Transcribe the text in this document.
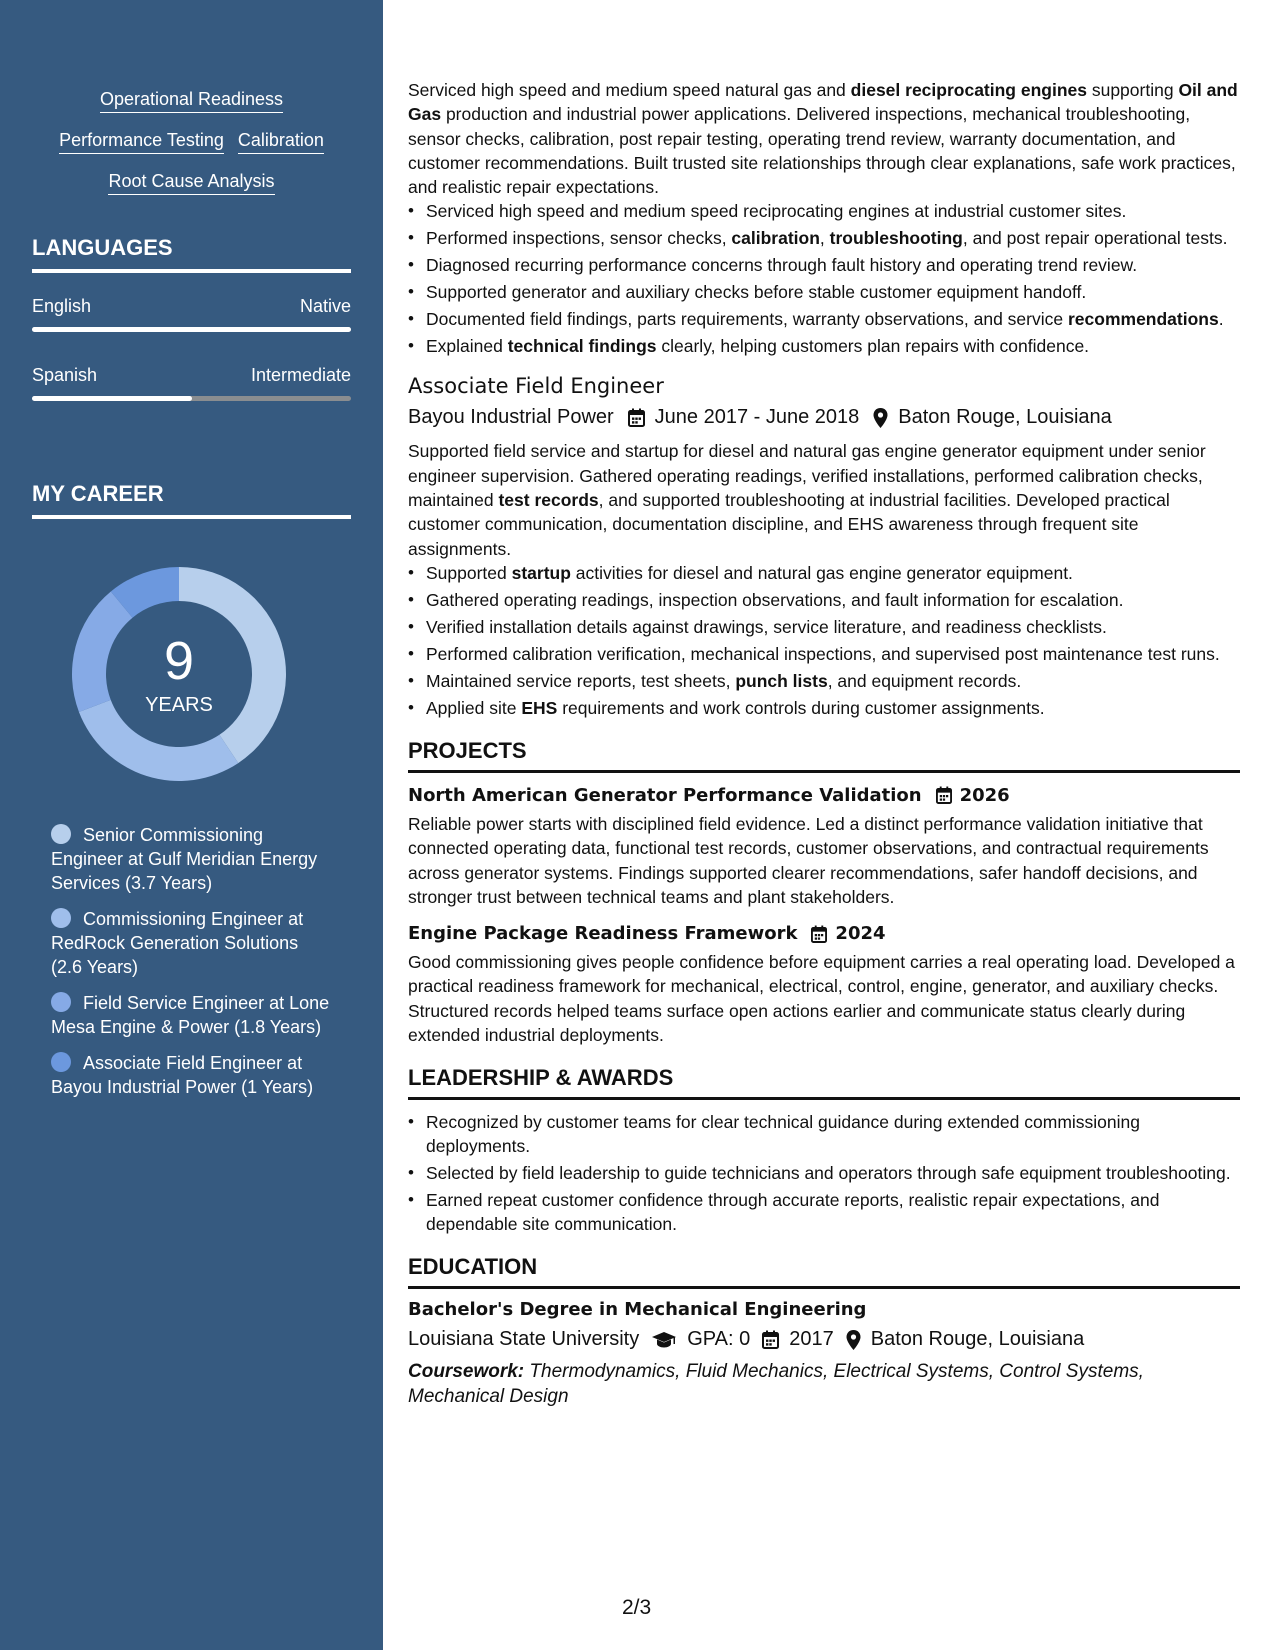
Operational Readiness
Performance Testing Calibration
Root Cause Analysis
LANGUAGES
English	Native
Spanish	Intermediate
MY CAREER
9
YEARS
Senior Commissioning Engineer at Gulf Meridian Energy Services (3.7 Years)
Commissioning Engineer at RedRock Generation Solutions (2.6 Years)
Field Service Engineer at Lone Mesa Engine & Power (1.8 Years)
Associate Field Engineer at Bayou Industrial Power (1 Years)

Serviced high speed and medium speed natural gas and diesel reciprocating engines supporting Oil and Gas production and industrial power applications. Delivered inspections, mechanical troubleshooting, sensor checks, calibration, post repair testing, operating trend review, warranty documentation, and customer recommendations. Built trusted site relationships through clear explanations, safe work practices, and realistic repair expectations.

• Serviced high speed and medium speed reciprocating engines at industrial customer sites.
• Performed inspections, sensor checks, calibration, troubleshooting, and post repair operational tests.
• Diagnosed recurring performance concerns through fault history and operating trend review.
• Supported generator and auxiliary checks before stable customer equipment handoff.
• Documented field findings, parts requirements, warranty observations, and service recommendations.
• Explained technical findings clearly, helping customers plan repairs with confidence.
Associate Field Engineer
Bayou Industrial Power June 2017 - June 2018 Baton Rouge, Louisiana

Supported field service and startup for diesel and natural gas engine generator equipment under senior engineer supervision. Gathered operating readings, verified installations, performed calibration checks, maintained test records, and supported troubleshooting at industrial facilities. Developed practical customer communication, documentation discipline, and EHS awareness through frequent site assignments.

• Supported startup activities for diesel and natural gas engine generator equipment.
• Gathered operating readings, inspection observations, and fault information for escalation.
• Verified installation details against drawings, service literature, and readiness checklists.
• Performed calibration verification, mechanical inspections, and supervised post maintenance test runs.
• Maintained service reports, test sheets, punch lists, and equipment records.
• Applied site EHS requirements and work controls during customer assignments.
PROJECTS
North American Generator Performance Validation 2026

Reliable power starts with disciplined field evidence. Led a distinct performance validation initiative that connected operating data, functional test records, customer observations, and contractual requirements across generator systems. Findings supported clearer recommendations, safer handoff decisions, and stronger trust between technical teams and plant stakeholders.

Engine Package Readiness Framework 2024

Good commissioning gives people confidence before equipment carries a real operating load. Developed a practical readiness framework for mechanical, electrical, control, engine, generator, and auxiliary checks. Structured records helped teams surface open actions earlier and communicate status clearly during extended industrial deployments.

LEADERSHIP & AWARDS
• Recognized by customer teams for clear technical guidance during extended commissioning deployments.
• Selected by field leadership to guide technicians and operators through safe equipment troubleshooting.
• Earned repeat customer confidence through accurate reports, realistic repair expectations, and dependable site communication.
EDUCATION
Bachelor's Degree in Mechanical Engineering
Louisiana State University GPA: 0 2017 Baton Rouge, Louisiana
Coursework: Thermodynamics, Fluid Mechanics, Electrical Systems, Control Systems, Mechanical Design
2/3
